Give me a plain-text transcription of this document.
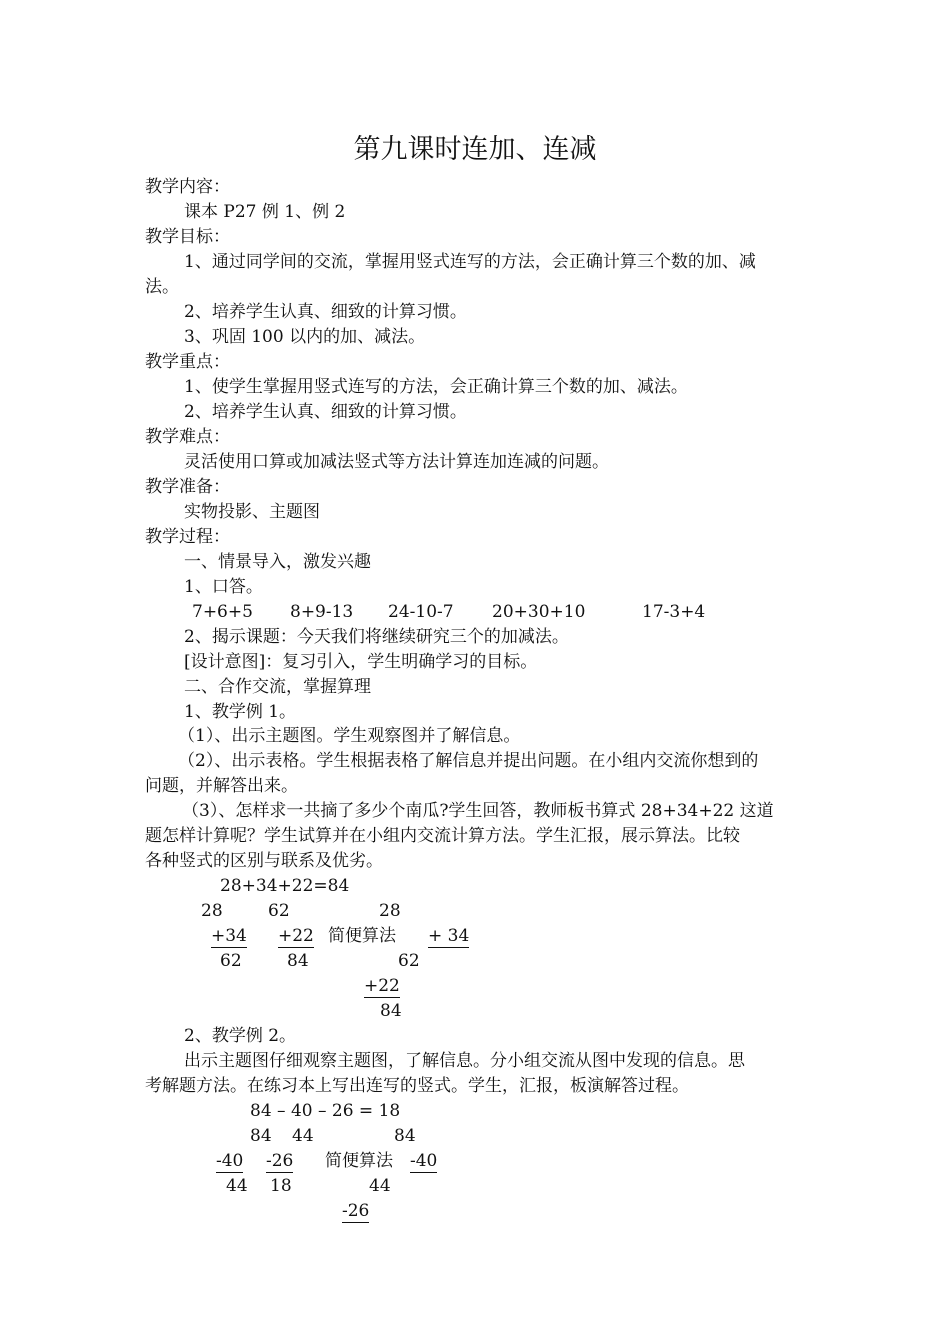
第九课时连加、连减
教学内容：
课本 P27 例 1、例 2
教学目标：
1、通过同学间的交流，掌握用竖式连写的方法，会正确计算三个数的加、减
法。
2、培养学生认真、细致的计算习惯。
3、巩固 100 以内的加、减法。
教学重点：
1、使学生掌握用竖式连写的方法，会正确计算三个数的加、减法。
2、培养学生认真、细致的计算习惯。
教学难点：
灵活使用口算或加减法竖式等方法计算连加连减的问题。
教学准备：
实物投影、主题图
教学过程：
一、情景导入，激发兴趣
1、口答。
7+6+5 8+9-13 24-10-7 20+30+10	17-3+4
2、揭示课题：今天我们将继续研究三个的加减法。
[设计意图]：复习引入，学生明确学习的目标。
二、合作交流，掌握算理
1、教学例 1。
（1）、出示主题图。学生观察图并了解信息。
（2）、出示表格。学生根据表格了解信息并提出问题。在小组内交流你想到的
问题，并解答出来。
（3）、怎样求一共摘了多少个南瓜?学生回答，教师板书算式 28+34+22 这道
题怎样计算呢？学生试算并在小组内交流计算方法。学生汇报，展示算法。比较
各种竖式的区别与联系及优劣。
28+34+22=84
28
+34
62
62
+22
84
简便算法
28
+ 34
62
+22
84
2、教学例 2。
出示主题图仔细观察主题图，了解信息。分小组交流从图中发现的信息。思
考解题方法。在练习本上写出连写的竖式。学生，汇报，板演解答过程。
84 – 40 – 26 = 18
84
-40
44
44
-26
18
简便算法
84
-40
44
-26
